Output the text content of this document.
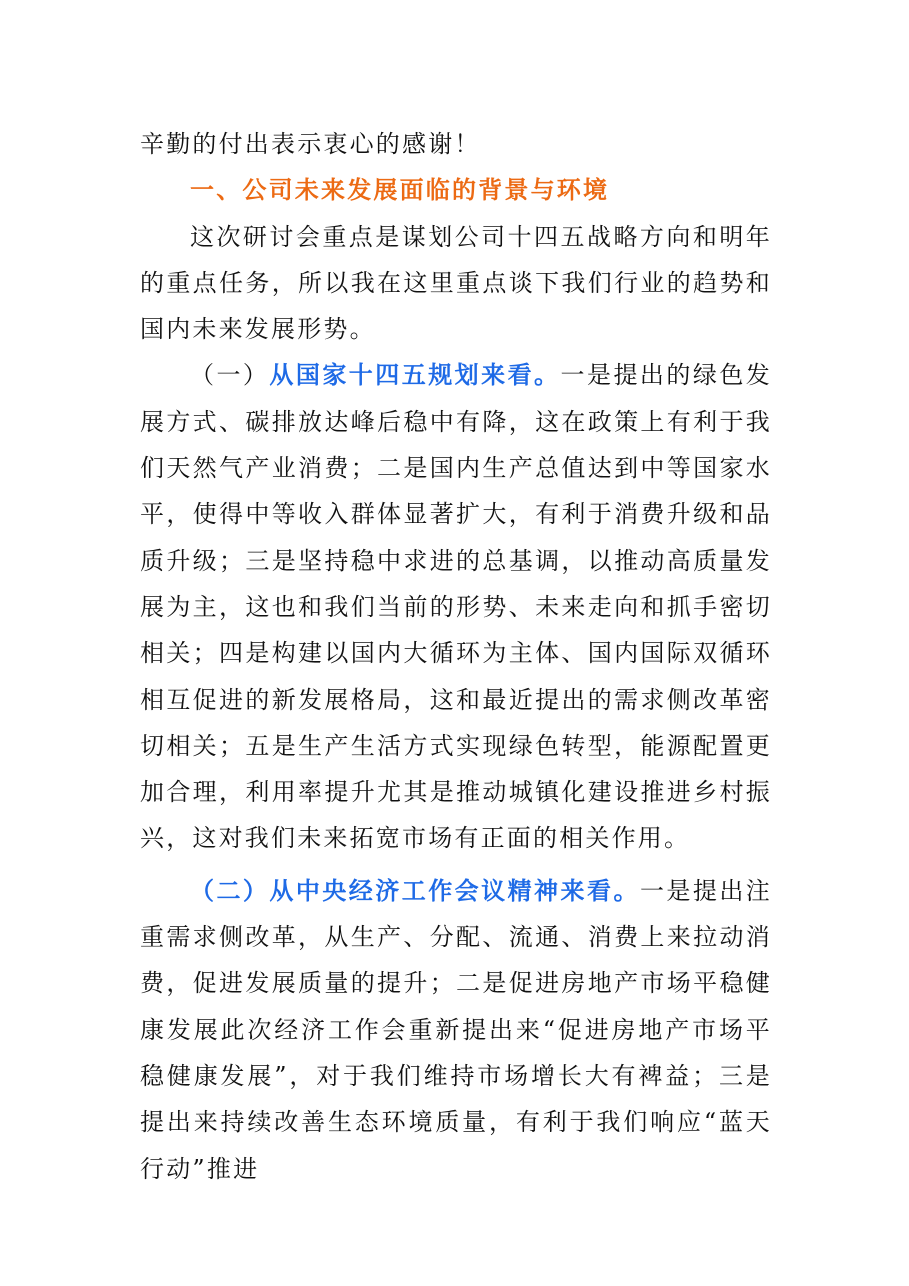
辛勤的付出表示衷心的感谢！

一、公司未来发展面临的背景与环境

这次研讨会重点是谋划公司十四五战略方向和明年的重点任务，所以我在这里重点谈下我们行业的趋势和国内未来发展形势。

（一）从国家十四五规划来看。一是提出的绿色发展方式、碳排放达峰后稳中有降，这在政策上有利于我们天然气产业消费；二是国内生产总值达到中等国家水平，使得中等收入群体显著扩大，有利于消费升级和品质升级；三是坚持稳中求进的总基调，以推动高质量发展为主，这也和我们当前的形势、未来走向和抓手密切相关；四是构建以国内大循环为主体、国内国际双循环相互促进的新发展格局，这和最近提出的需求侧改革密切相关；五是生产生活方式实现绿色转型，能源配置更加合理，利用率提升尤其是推动城镇化建设推进乡村振兴，这对我们未来拓宽市场有正面的相关作用。

（二）从中央经济工作会议精神来看。一是提出注重需求侧改革，从生产、分配、流通、消费上来拉动消费，促进发展质量的提升；二是促进房地产市场平稳健康发展此次经济工作会重新提出来“促进房地产市场平稳健康发展”，对于我们维持市场增长大有裨益；三是提出来持续改善生态环境质量，有利于我们响应“蓝天行动”推进
